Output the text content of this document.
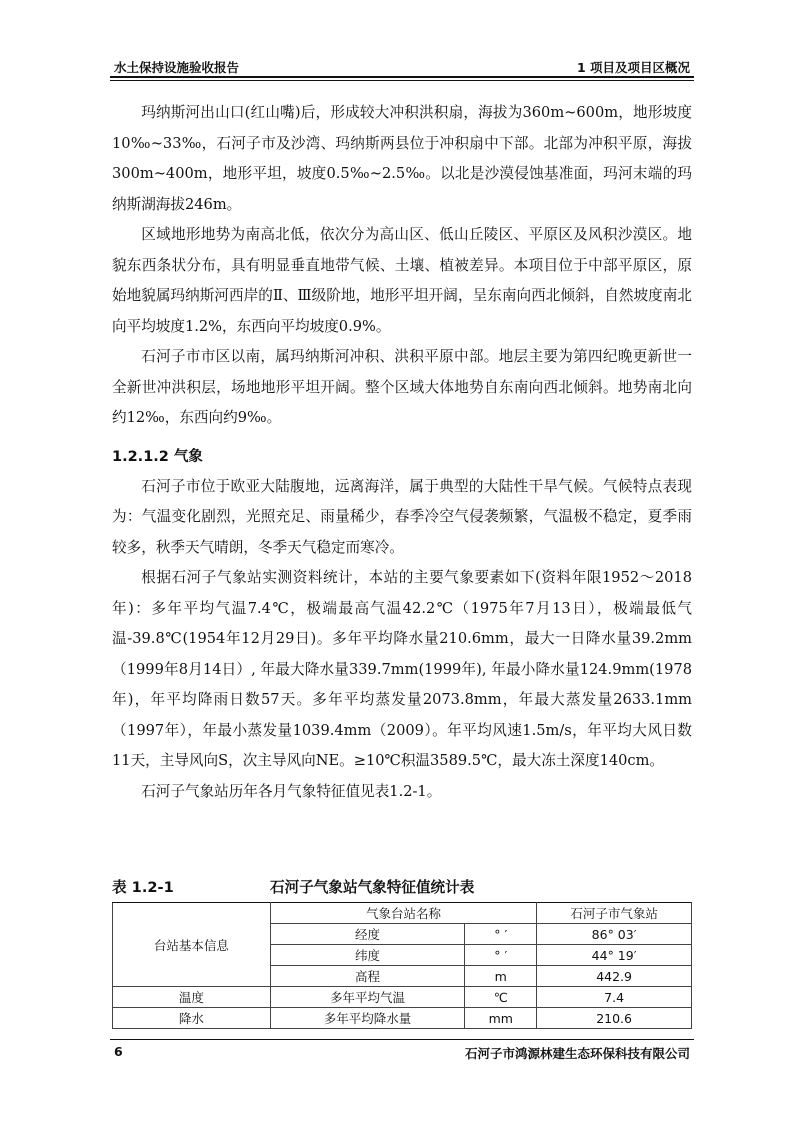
水土保持设施验收报告	1 项目及项目区概况

玛纳斯河出山口(红山嘴)后，形成较大冲积洪积扇，海拔为360m~600m，地形坡度10‰~33‰，石河子市及沙湾、玛纳斯两县位于冲积扇中下部。北部为冲积平原，海拔300m~400m，地形平坦，坡度0.5‰~2.5‰。以北是沙漠侵蚀基准面，玛河末端的玛纳斯湖海拔246m。

区域地形地势为南高北低，依次分为高山区、低山丘陵区、平原区及风积沙漠区。地貌东西条状分布，具有明显垂直地带气候、土壤、植被差异。本项目位于中部平原区，原始地貌属玛纳斯河西岸的Ⅱ、Ⅲ级阶地，地形平坦开阔，呈东南向西北倾斜，自然坡度南北向平均坡度1.2%，东西向平均坡度0.9%。

石河子市市区以南，属玛纳斯河冲积、洪积平原中部。地层主要为第四纪晚更新世一全新世冲洪积层，场地地形平坦开阔。整个区域大体地势自东南向西北倾斜。地势南北向约12‰，东西向约9‰。

1.2.1.2 气象

石河子市位于欧亚大陆腹地，远离海洋，属于典型的大陆性干旱气候。气候特点表现为：气温变化剧烈，光照充足、雨量稀少，春季冷空气侵袭频繁，气温极不稳定，夏季雨较多，秋季天气晴朗，冬季天气稳定而寒冷。

根据石河子气象站实测资料统计，本站的主要气象要素如下(资料年限1952～2018年)：多年平均气温7.4℃，极端最高气温42.2℃（1975年7月13日），极端最低气温-39.8℃(1954年12月29日)。多年平均降水量210.6mm，最大一日降水量39.2mm（1999年8月14日）, 年最大降水量339.7mm(1999年), 年最小降水量124.9mm(1978年)，年平均降雨日数57天。多年平均蒸发量2073.8mm，年最大蒸发量2633.1mm（1997年），年最小蒸发量1039.4mm（2009）。年平均风速1.5m/s，年平均大风日数11天，主导风向S，次主导风向NE。≥10℃积温3589.5℃，最大冻土深度140cm。

石河子气象站历年各月气象特征值见表1.2-1。

表 1.2-1	石河子气象站气象特征值统计表
台站基本信息	气象台站名称		石河子市气象站
	经度	° ′	86° 03′
	纬度	° ′	44° 19′
	高程	m	442.9
温度	多年平均气温	℃	7.4
降水	多年平均降水量	mm	210.6
6	石河子市鸿源林建生态环保科技有限公司
